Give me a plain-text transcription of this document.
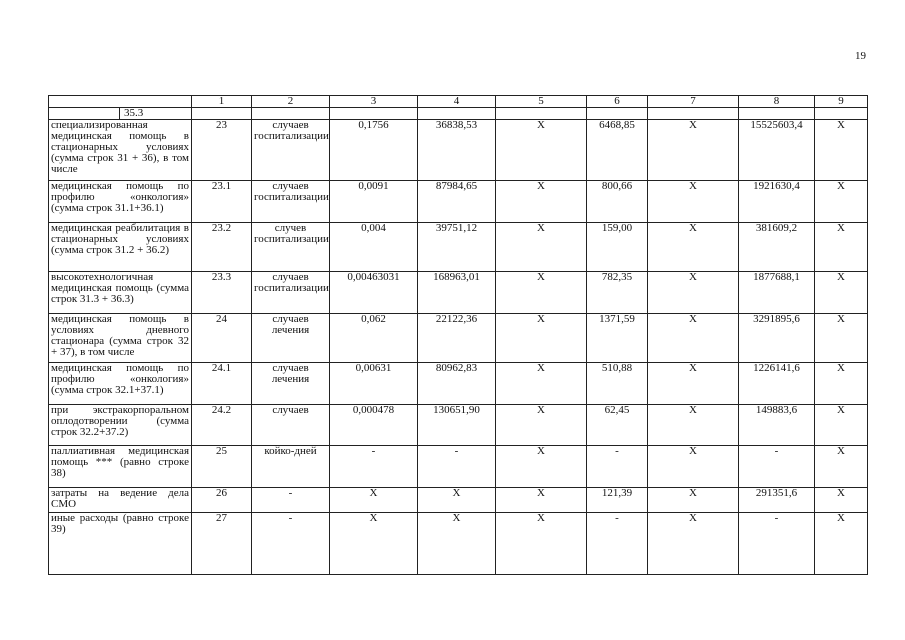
19
	1	2	3	4	5	6	7	8	9
35.3									
специализированная медицинская помощь в стационарных условиях (сумма строк 31 + 36), в том числе	23	случаев госпитализации	0,1756	36838,53	X	6468,85	X	15525603,4	X
медицинская помощь по профилю «онкология» (сумма строк 31.1+36.1)	23.1	случаев госпитализации	0,0091	87984,65	X	800,66	X	1921630,4	X
медицинская реабилитация в стационарных условиях (сумма строк 31.2 + 36.2)	23.2	случев госпитализации	0,004	39751,12	X	159,00	X	381609,2	X
высокотехнологичная медицинская помощь (сумма строк 31.3 + 36.3)	23.3	случаев госпитализации	0,00463031	168963,01	X	782,35	X	1877688,1	X
медицинская помощь в условиях дневного стационара (сумма строк 32 + 37), в том числе	24	случаев лечения	0,062	22122,36	X	1371,59	X	3291895,6	X
медицинская помощь по профилю «онкология» (сумма строк 32.1+37.1)	24.1	случаев лечения	0,00631	80962,83	X	510,88	X	1226141,6	X
при экстракорпоральном оплодотворении (сумма строк 32.2+37.2)	24.2	случаев	0,000478	130651,90	X	62,45	X	149883,6	X
паллиативная медицинская помощь *** (равно строке 38)	25	койко-дней	-	-	X	-	X	-	X
затраты на ведение дела СМО	26	-	X	X	X	121,39	X	291351,6	X
иные расходы (равно строке 39)	27	-	X	X	X	-	X	-	X
